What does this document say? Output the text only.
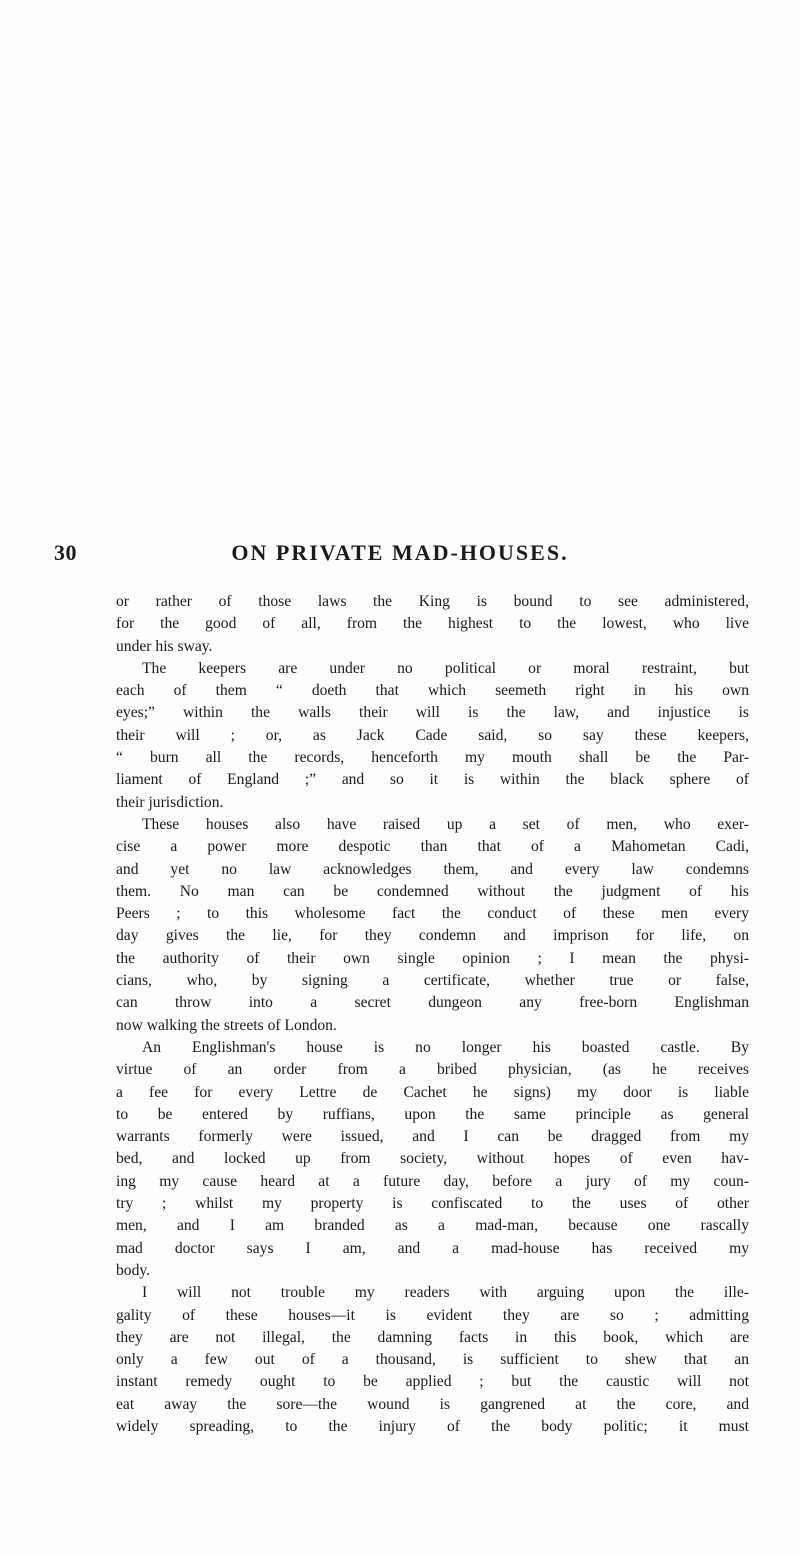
30	ON PRIVATE MAD-HOUSES.
or rather of those laws the King is bound to see administered,
for the good of all, from the highest to the lowest, who live
under his sway.
The keepers are under no political or moral restraint, but
each of them “ doeth that which seemeth right in his own
eyes;” within the walls their will is the law, and injustice is
their will ; or, as Jack Cade said, so say these keepers,
“ burn all the records, henceforth my mouth shall be the Par-
liament of England ;” and so it is within the black sphere of
their jurisdiction.
These houses also have raised up a set of men, who exer-
cise a power more despotic than that of a Mahometan Cadi,
and yet no law acknowledges them, and every law condemns
them. No man can be condemned without the judgment of his
Peers ; to this wholesome fact the conduct of these men every
day gives the lie, for they condemn and imprison for life, on
the authority of their own single opinion ; I mean the physi-
cians, who, by signing a certificate, whether true or false,
can throw into a secret dungeon any free-born Englishman
now walking the streets of London.
An Englishman's house is no longer his boasted castle. By
virtue of an order from a bribed physician, (as he receives
a fee for every Lettre de Cachet he signs) my door is liable
to be entered by ruffians, upon the same principle as general
warrants formerly were issued, and I can be dragged from my
bed, and locked up from society, without hopes of even hav-
ing my cause heard at a future day, before a jury of my coun-
try ; whilst my property is confiscated to the uses of other
men, and I am branded as a mad-man, because one rascally
mad doctor says I am, and a mad-house has received my
body.
I will not trouble my readers with arguing upon the ille-
gality of these houses—it is evident they are so ; admitting
they are not illegal, the damning facts in this book, which are
only a few out of a thousand, is sufficient to shew that an
instant remedy ought to be applied ; but the caustic will not
eat away the sore—the wound is gangrened at the core, and
widely spreading, to the injury of the body politic; it must
